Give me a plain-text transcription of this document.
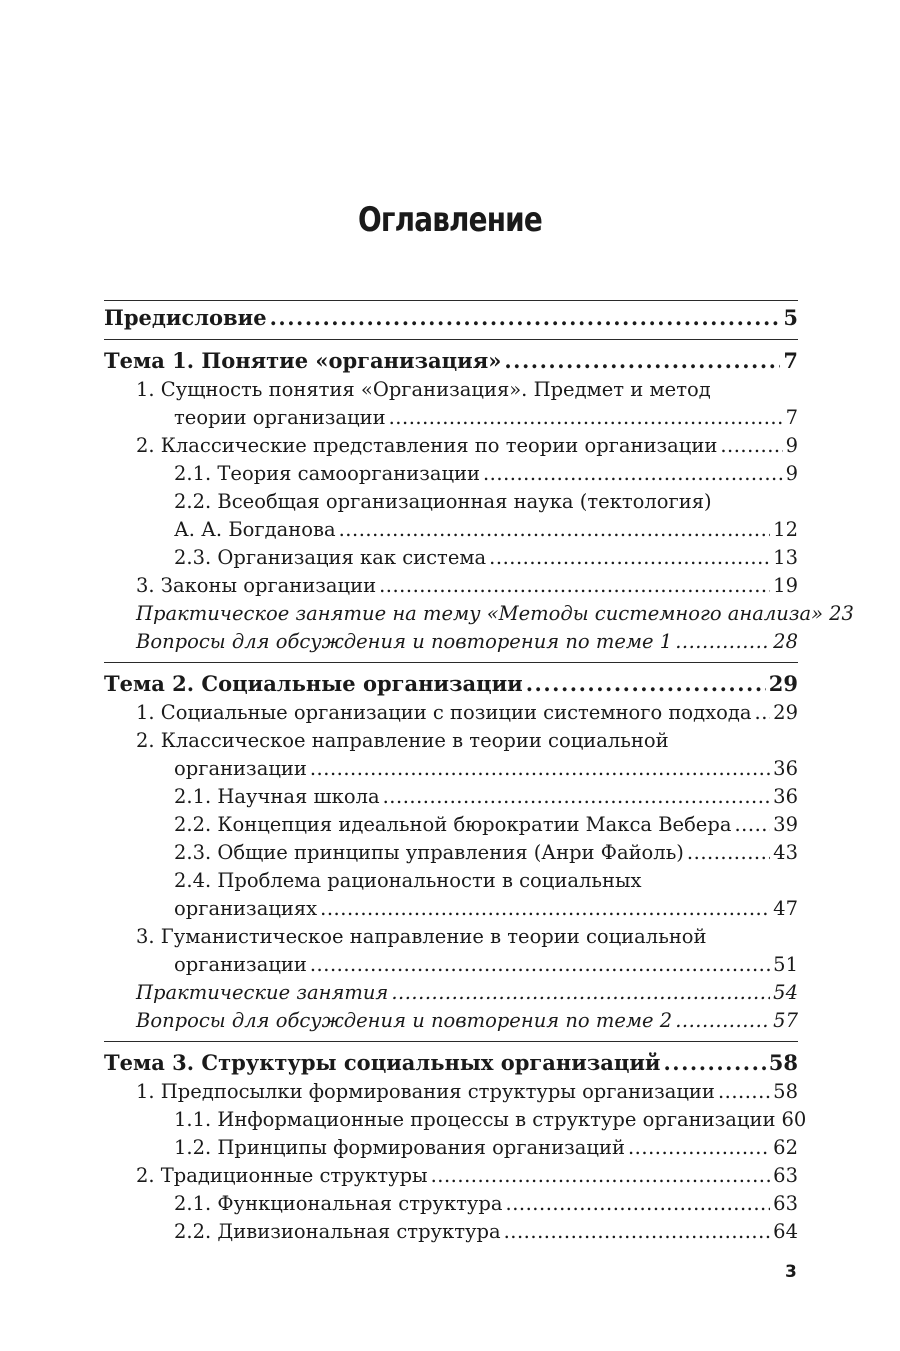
Оглавление
Предисловие .....	5
Тема 1. Понятие «организация» .....	7
1. Сущность понятия «Организация». Предмет и метод
теории организации .....	7
2. Классические представления по теории организации .....	9
2.1. Теория самоорганизации .....	9
2.2. Всеобщая организационная наука (тектология)
А. А. Богданова .....	12
2.3. Организация как система .....	13
3. Законы организации .....	19
Практическое занятие на тему «Методы системного анализа» 23
Вопросы для обсуждения и повторения по теме 1 .....	28
Тема 2. Социальные организации .....	29
1. Социальные организации с позиции системного подхода ..... 29
2. Классическое направление в теории социальной
организации .....	36
2.1. Научная школа .....	36
2.2. Концепция идеальной бюрократии Макса Вебера ..... 39
2.3. Общие принципы управления (Анри Файоль) .....	43
2.4. Проблема рациональности в социальных
организациях .....	47
3. Гуманистическое направление в теории социальной
организации .....	51
Практические занятия .....	54
Вопросы для обсуждения и повторения по теме 2 .....	57
Тема 3. Структуры социальных организаций .....	58
1. Предпосылки формирования структуры организации .....	58
1.1. Информационные процессы в структуре организации 60
1.2. Принципы формирования организаций .....	62
2. Традиционные структуры .....	63
2.1. Функциональная структура .....	63
2.2. Дивизиональная структура .....	64
3
